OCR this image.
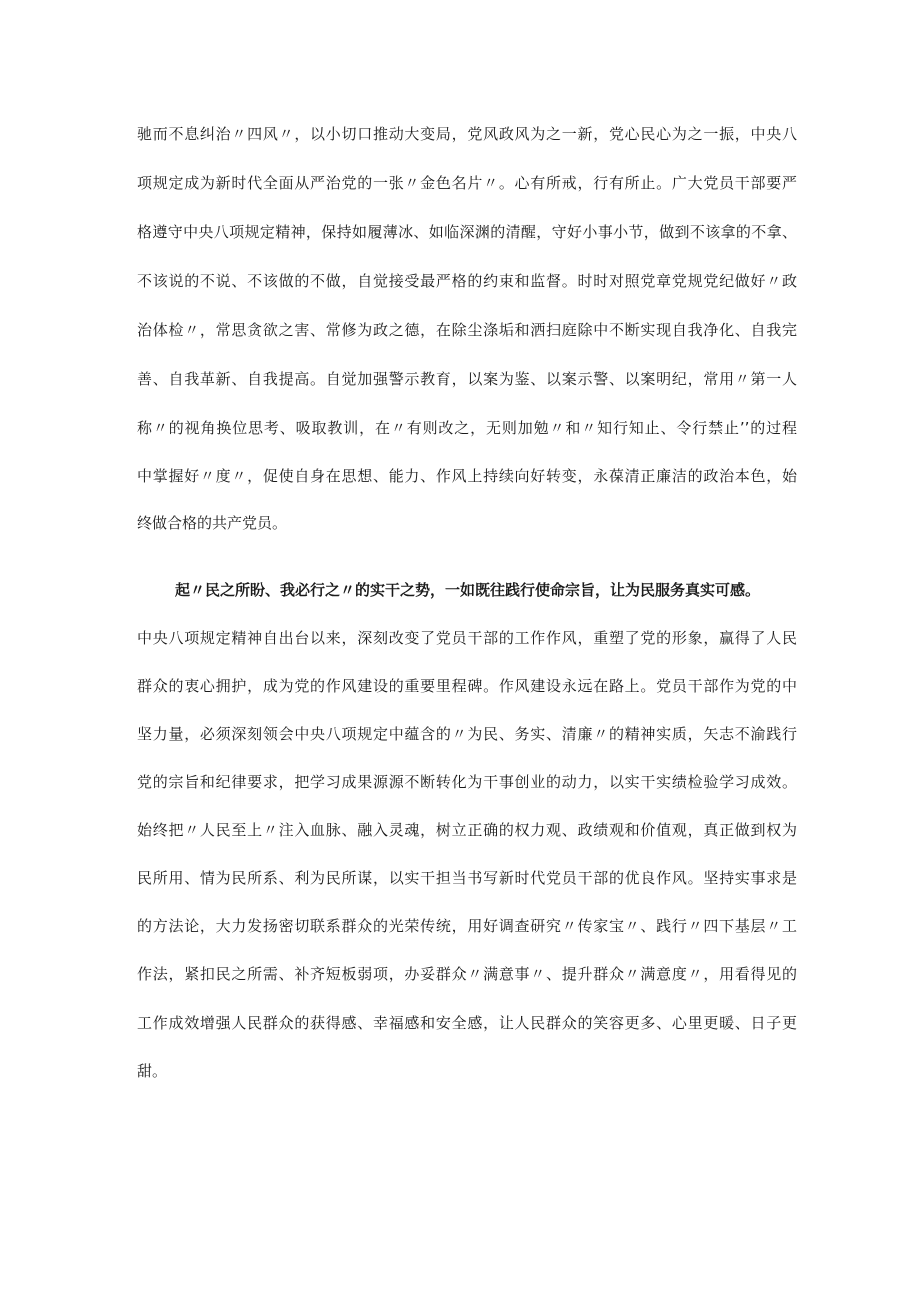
驰而不息纠治〃四风〃，以小切口推动大变局，党风政风为之一新，党心民心为之一振，中央八

项规定成为新时代全面从严治党的一张〃金色名片〃。心有所戒，行有所止。广大党员干部要严

格遵守中央八项规定精神，保持如履薄冰、如临深渊的清醒，守好小事小节，做到不该拿的不拿、

不该说的不说、不该做的不做，自觉接受最严格的约束和监督。时时对照党章党规党纪做好〃政

治体检〃，常思贪欲之害、常修为政之德，在除尘涤垢和洒扫庭除中不断实现自我净化、自我完

善、自我革新、自我提高。自觉加强警示教育，以案为鉴、以案示警、以案明纪，常用〃第一人

称〃的视角换位思考、吸取教训，在〃有则改之，无则加勉〃和〃知行知止、令行禁止’’的过程

中掌握好〃度〃，促使自身在思想、能力、作风上持续向好转变，永葆清正廉洁的政治本色，始

终做合格的共产党员。

起〃民之所盼、我必行之〃的实干之势，一如既往践行使命宗旨，让为民服务真实可感。

中央八项规定精神自出台以来，深刻改变了党员干部的工作作风，重塑了党的形象，赢得了人民

群众的衷心拥护，成为党的作风建设的重要里程碑。作风建设永远在路上。党员干部作为党的中

坚力量，必须深刻领会中央八项规定中蕴含的〃为民、务实、清廉〃的精神实质，矢志不渝践行

党的宗旨和纪律要求，把学习成果源源不断转化为干事创业的动力，以实干实绩检验学习成效。

始终把〃人民至上〃注入血脉、融入灵魂，树立正确的权力观、政绩观和价值观，真正做到权为

民所用、情为民所系、利为民所谋，以实干担当书写新时代党员干部的优良作风。坚持实事求是

的方法论，大力发扬密切联系群众的光荣传统，用好调查研究〃传家宝〃、践行〃四下基层〃工

作法，紧扣民之所需、补齐短板弱项，办妥群众〃满意事〃、提升群众〃满意度〃，用看得见的

工作成效增强人民群众的获得感、幸福感和安全感，让人民群众的笑容更多、心里更暖、日子更

甜。
